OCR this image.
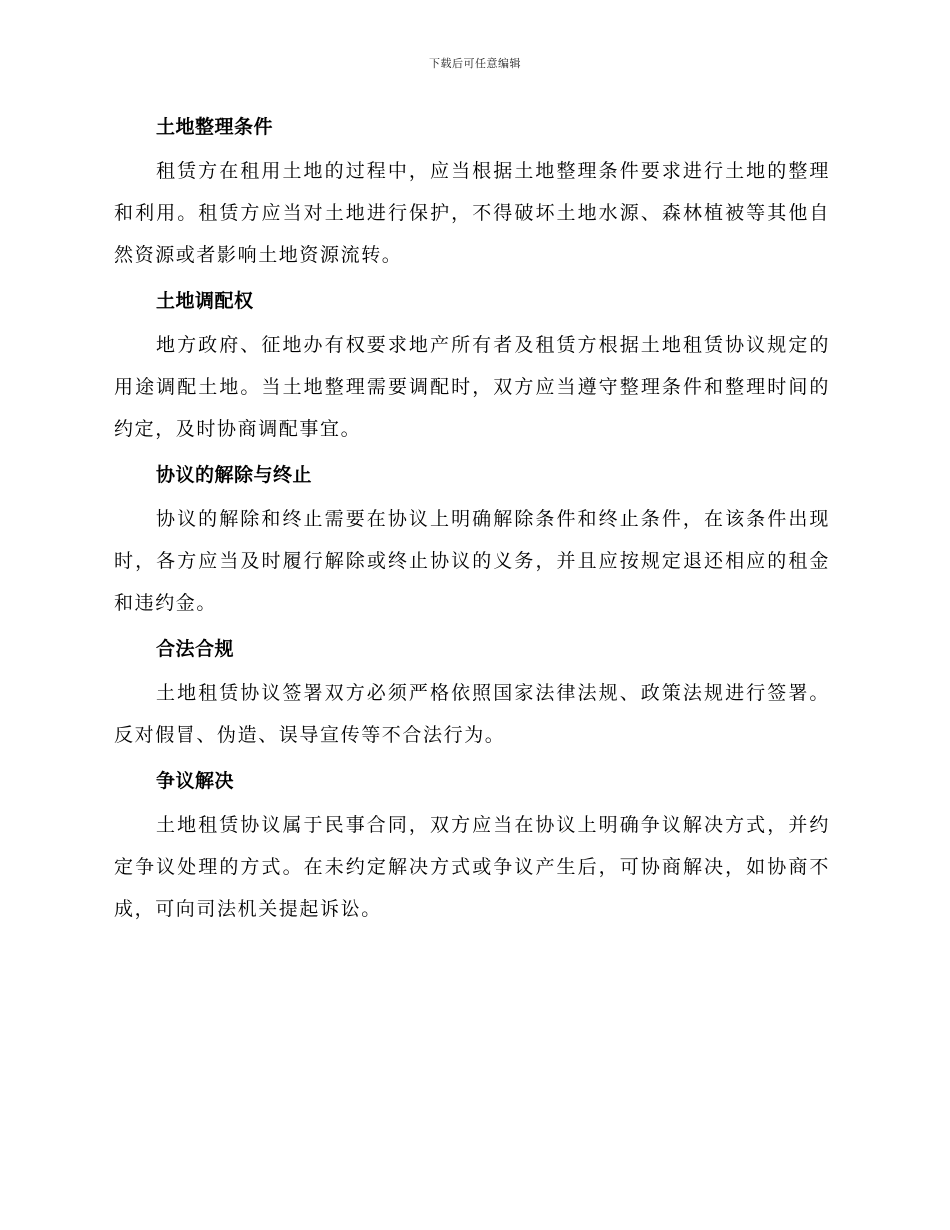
下载后可任意编辑
土地整理条件

租赁方在租用土地的过程中，应当根据土地整理条件要求进行土地的整理和利用。租赁方应当对土地进行保护，不得破坏土地水源、森林植被等其他自然资源或者影响土地资源流转。

土地调配权

地方政府、征地办有权要求地产所有者及租赁方根据土地租赁协议规定的用途调配土地。当土地整理需要调配时，双方应当遵守整理条件和整理时间的约定，及时协商调配事宜。

协议的解除与终止

协议的解除和终止需要在协议上明确解除条件和终止条件，在该条件出现时，各方应当及时履行解除或终止协议的义务，并且应按规定退还相应的租金和违约金。

合法合规

土地租赁协议签署双方必须严格依照国家法律法规、政策法规进行签署。反对假冒、伪造、误导宣传等不合法行为。

争议解决

土地租赁协议属于民事合同，双方应当在协议上明确争议解决方式，并约定争议处理的方式。在未约定解决方式或争议产生后，可协商解决，如协商不成，可向司法机关提起诉讼。
